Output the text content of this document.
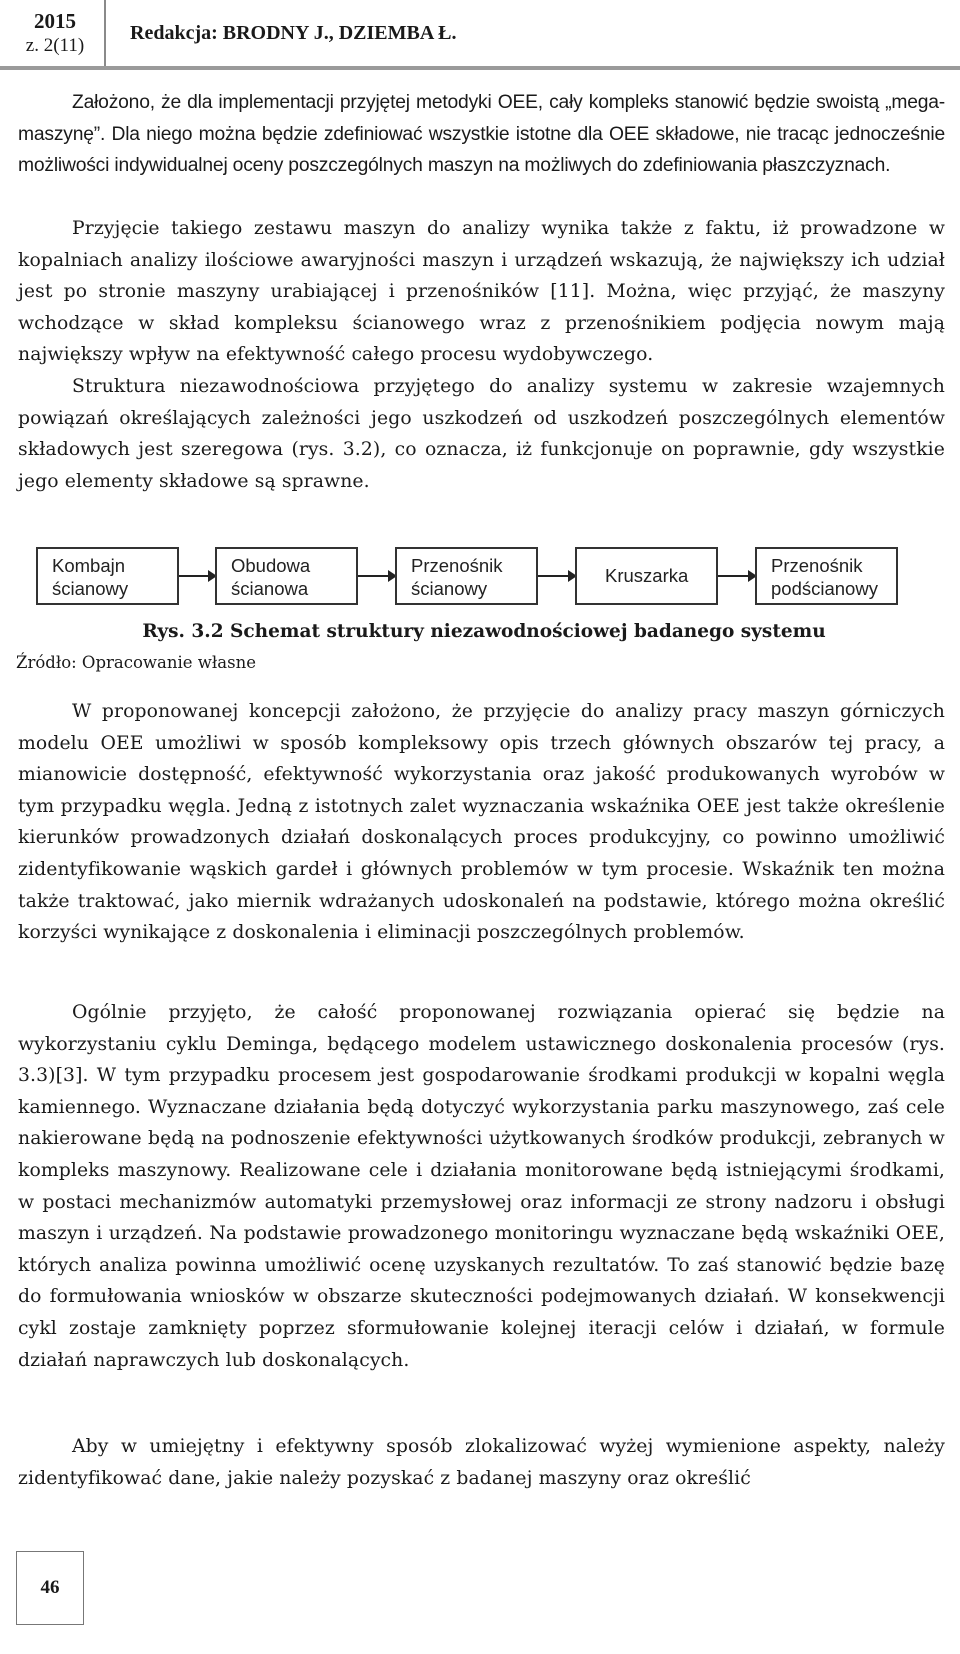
2015
z. 2(11)
Redakcja: BRODNY J., DZIEMBA Ł.

Założono, że dla implementacji przyjętej metodyki OEE, cały kompleks stanowić będzie swoistą „mega-maszynę”. Dla niego można będzie zdefiniować wszystkie istotne dla OEE składowe, nie tracąc jednocześnie możliwości indywidualnej oceny poszczególnych maszyn na możliwych do zdefiniowania płaszczyznach.

Przyjęcie takiego zestawu maszyn do analizy wynika także z faktu, iż prowadzone w kopalniach analizy ilościowe awaryjności maszyn i urządzeń wskazują, że największy ich udział jest po stronie maszyny urabiającej i przenośników [11]. Można, więc przyjąć, że maszyny wchodzące w skład kompleksu ścianowego wraz z przenośnikiem podjęcia nowym mają największy wpływ na efektywność całego procesu wydobywczego.

Struktura niezawodnościowa przyjętego do analizy systemu w zakresie wzajemnych powiązań określających zależności jego uszkodzeń od uszkodzeń poszczególnych elementów składowych jest szeregowa (rys. 3.2), co oznacza, iż funkcjonuje on poprawnie, gdy wszystkie jego elementy składowe są sprawne.

Kombajn
ścianowy
Obudowa
ścianowa
Przenośnik
ścianowy
Kruszarka	Przenośnik
podścianowy
Rys. 3.2 Schemat struktury niezawodnościowej badanego systemu
Źródło: Opracowanie własne

W proponowanej koncepcji założono, że przyjęcie do analizy pracy maszyn górniczych modelu OEE umożliwi w sposób kompleksowy opis trzech głównych obszarów tej pracy, a mianowicie dostępność, efektywność wykorzystania oraz jakość produkowanych wyrobów w tym przypadku węgla. Jedną z istotnych zalet wyznaczania wskaźnika OEE jest także określenie kierunków prowadzonych działań doskonalących proces produkcyjny, co powinno umożliwić zidentyfikowanie wąskich gardeł i głównych problemów w tym procesie. Wskaźnik ten można także traktować, jako miernik wdrażanych udoskonaleń na podstawie, którego można określić korzyści wynikające z doskonalenia i eliminacji poszczególnych problemów.

Ogólnie przyjęto, że całość proponowanej rozwiązania opierać się będzie na wykorzystaniu cyklu Deminga, będącego modelem ustawicznego doskonalenia procesów (rys. 3.3)[3]. W tym przypadku procesem jest gospodarowanie środkami produkcji w kopalni węgla kamiennego. Wyznaczane działania będą dotyczyć wykorzystania parku maszynowego, zaś cele nakierowane będą na podnoszenie efektywności użytkowanych środków produkcji, zebranych w kompleks maszynowy. Realizowane cele i działania monitorowane będą istniejącymi środkami, w postaci mechanizmów automatyki przemysłowej oraz informacji ze strony nadzoru i obsługi maszyn i urządzeń. Na podstawie prowadzonego monitoringu wyznaczane będą wskaźniki OEE, których analiza powinna umożliwić ocenę uzyskanych rezultatów. To zaś stanowić będzie bazę do formułowania wniosków w obszarze skuteczności podejmowanych działań. W konsekwencji cykl zostaje zamknięty poprzez sformułowanie kolejnej iteracji celów i działań, w formule działań naprawczych lub doskonalących.

Aby w umiejętny i efektywny sposób zlokalizować wyżej wymienione aspekty, należy zidentyfikować dane, jakie należy pozyskać z badanej maszyny oraz określić

46
